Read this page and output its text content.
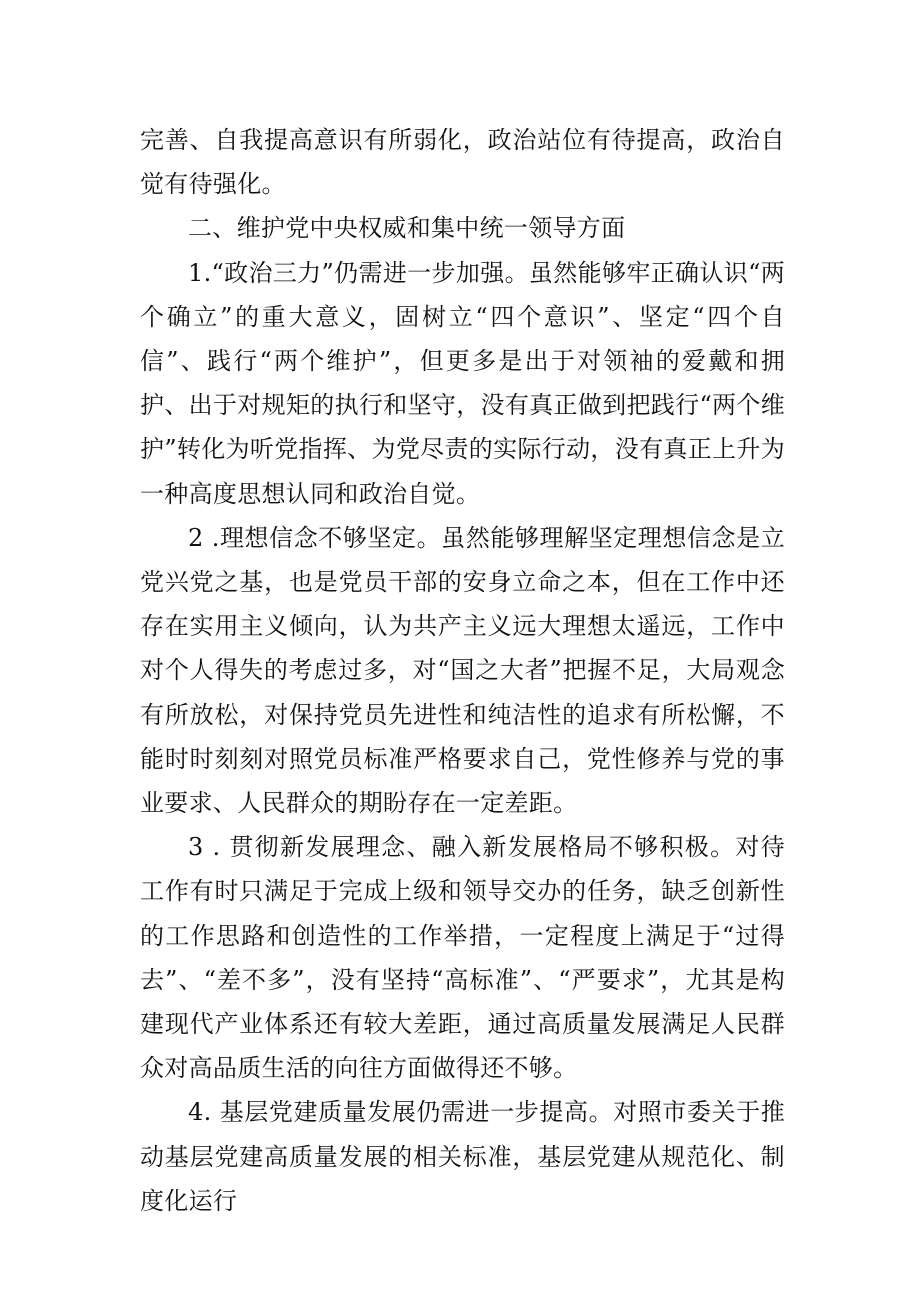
完善、自我提高意识有所弱化，政治站位有待提高，政治自觉有待强化。

二、维护党中央权威和集中统一领导方面

1.“政治三力”仍需进一步加强。虽然能够牢正确认识“两个确立”的重大意义，固树立“四个意识”、坚定“四个自信”、践行“两个维护”，但更多是出于对领袖的爱戴和拥护、出于对规矩的执行和坚守，没有真正做到把践行“两个维护”转化为听党指挥、为党尽责的实际行动，没有真正上升为一种高度思想认同和政治自觉。

2 .理想信念不够坚定。虽然能够理解坚定理想信念是立党兴党之基，也是党员干部的安身立命之本，但在工作中还存在实用主义倾向，认为共产主义远大理想太遥远，工作中对个人得失的考虑过多，对“国之大者”把握不足，大局观念有所放松，对保持党员先进性和纯洁性的追求有所松懈，不能时时刻刻对照党员标准严格要求自己，党性修养与党的事业要求、人民群众的期盼存在一定差距。

3 . 贯彻新发展理念、融入新发展格局不够积极。对待工作有时只满足于完成上级和领导交办的任务，缺乏创新性的工作思路和创造性的工作举措，一定程度上满足于“过得去”、“差不多”，没有坚持“高标准”、“严要求”，尤其是构建现代产业体系还有较大差距，通过高质量发展满足人民群众对高品质生活的向往方面做得还不够。

4. 基层党建质量发展仍需进一步提高。对照市委关于推动基层党建高质量发展的相关标准，基层党建从规范化、制度化运行
